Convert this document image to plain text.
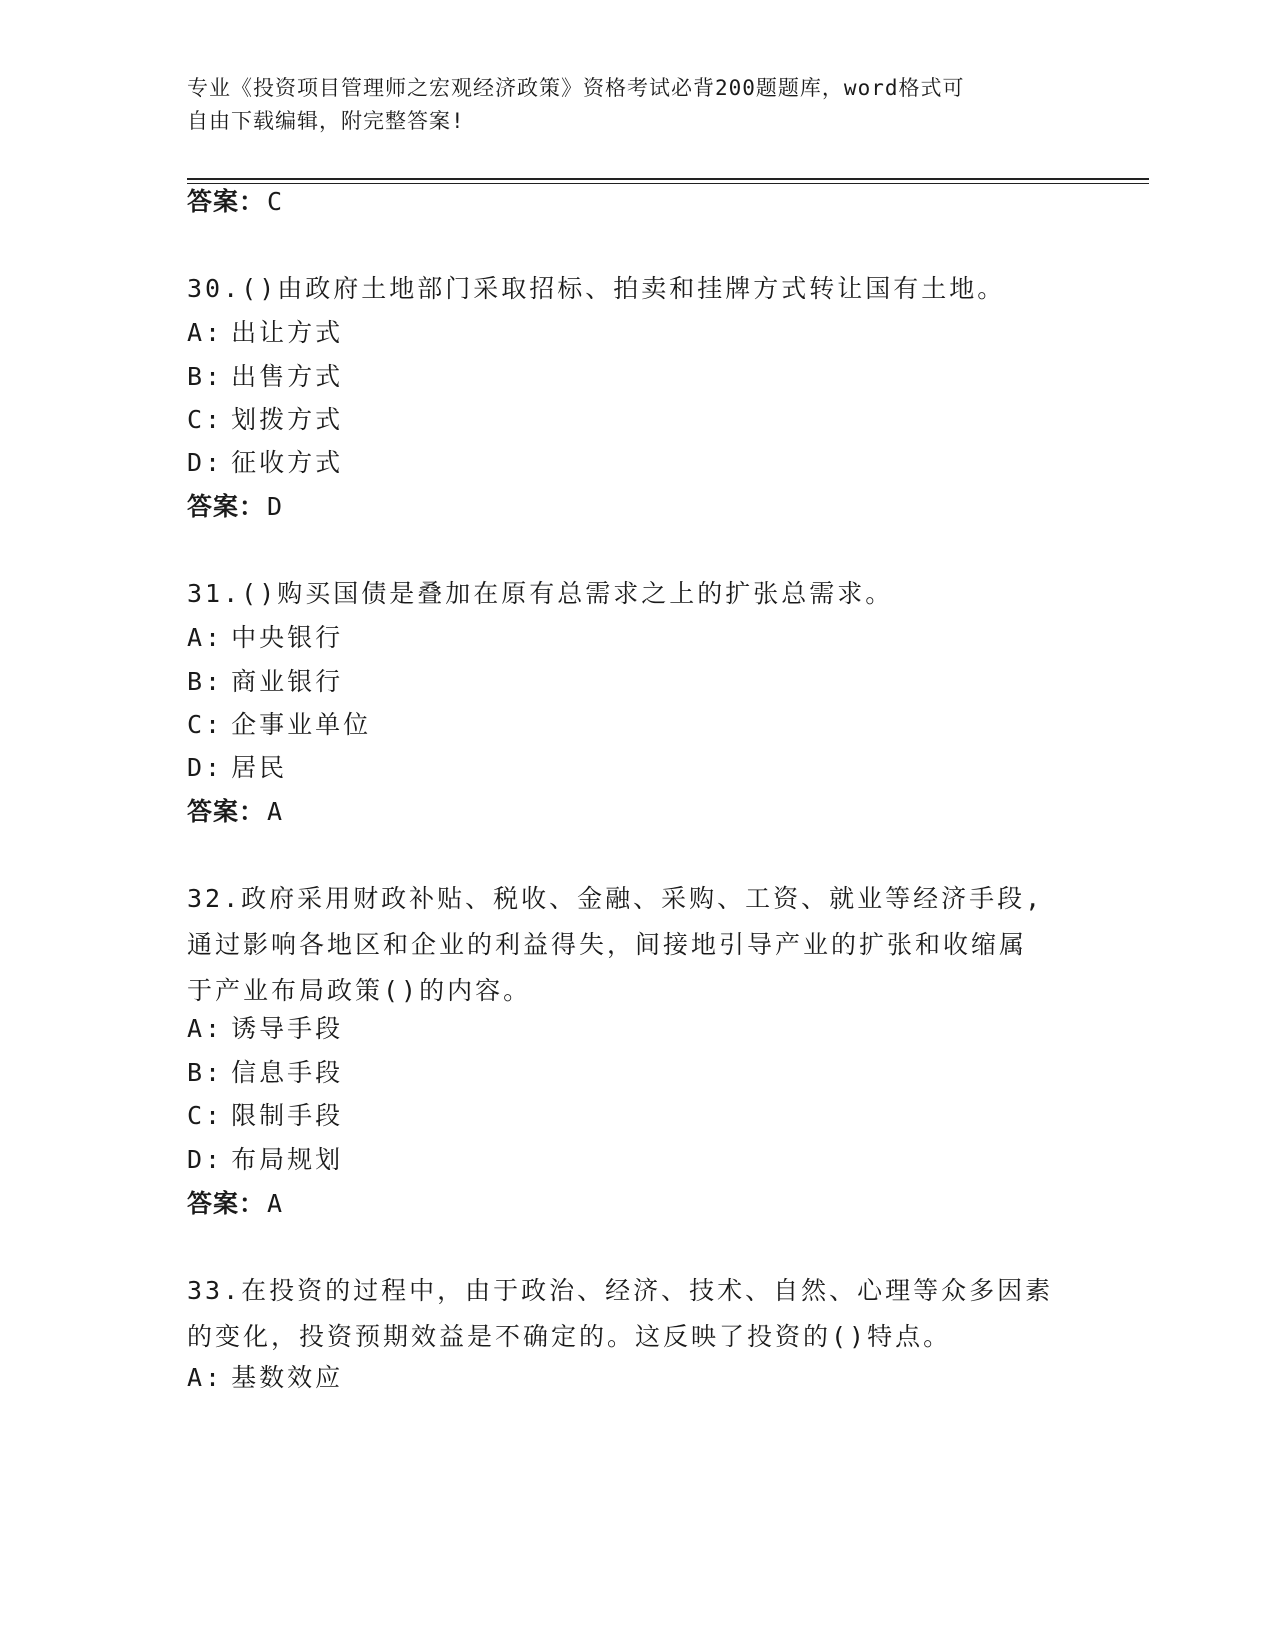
专业《投资项目管理师之宏观经济政策》资格考试必背200题题库，word格式可
自由下载编辑，附完整答案!
答案：C
30.()由政府土地部门采取招标、拍卖和挂牌方式转让国有土地。
A: 出让方式
B: 出售方式
C: 划拨方式
D: 征收方式
答案：D
31.()购买国债是叠加在原有总需求之上的扩张总需求。
A: 中央银行
B: 商业银行
C: 企事业单位
D: 居民
答案：A
32.政府采用财政补贴、税收、金融、采购、工资、就业等经济手段,
通过影响各地区和企业的利益得失，间接地引导产业的扩张和收缩属
于产业布局政策()的内容。
A: 诱导手段
B: 信息手段
C: 限制手段
D: 布局规划
答案：A
33.在投资的过程中，由于政治、经济、技术、自然、心理等众多因素
的变化，投资预期效益是不确定的。这反映了投资的()特点。
A: 基数效应
